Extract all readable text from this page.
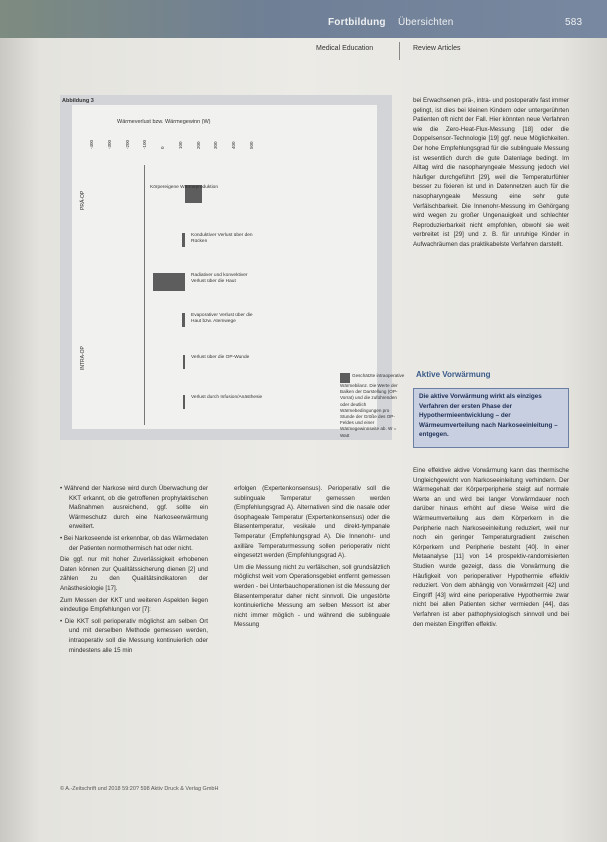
Fortbildung Übersichten	583
Medical Education	Review Articles
Abbildung 3
Wärmeverlust bzw. Wärmegewinn (W)
-400	-300	-200	-100	0	100	200	300	400	500
PRÄ-OP
INTRA-OP
Körpereigene Wärmeproduktion
Konduktiver Verlust über den Rücken
Radiativer und konvektiver Verlust über die Haut
Evaporativer Verlust über die Haut bzw. Atemwege
Verlust über die OP-Wunde
Verlust durch Infusion/Anästhesie
Geschätzte intraoperative Wärmebilanz. Die Werte der Balken der Darstellung (OP-Vorrat) und die zuführenden oder deutlich Wärmebedingungen pro Stunde der Größe des OP-Feldes und einer Wärmegewinnseite ab. W = Watt

• Während der Narkose wird durch Überwachung der KKT erkannt, ob die getroffenen prophylaktischen Maßnahmen ausreichend, ggf. sollte ein Wärmeschutz durch eine Narkoseerwärmung erweitert.

• Bei Narkoseende ist erkennbar, ob das Wärmedaten der Patienten normothermisch hat oder nicht.

Die ggf. nur mit hoher Zuverlässigkeit erhobenen Daten können zur Qualitätssicherung dienen [2] und zählen zu den Qualitätsindikatoren der Anästhesiologie [17].

Zum Messen der KKT und weiteren Aspekten liegen eindeutige Empfehlungen vor [7]:

• Die KKT soll perioperativ möglichst am selben Ort und mit derselben Methode gemessen werden, intraoperativ soll die Messung kontinuierlich oder mindestens alle 15 min

erfolgen (Expertenkonsensus). Perioperativ soll die sublinguale Temperatur gemessen werden (Empfehlungsgrad A). Alternativen sind die nasale oder ösophageale Temperatur (Expertenkonsensus) oder die Blasentemperatur, vesikale und direkt-tympanale Temperatur (Empfehlungsgrad A). Die Innenohr- und axilläre Temperaturmessung sollen perioperativ nicht eingesetzt werden (Empfehlungsgrad A).

Um die Messung nicht zu verfälschen, soll grundsätzlich möglichst weit vom Operationsgebiet entfernt gemessen werden - bei Unterbauchoperationen ist die Messung der Blasentemperatur daher nicht sinnvoll. Die ungestörte kontinuierliche Messung am selben Messort ist aber nicht immer möglich - und während die sublinguale Messung

bei Erwachsenen prä-, intra- und postoperativ fast immer gelingt, ist dies bei kleinen Kindern oder untergerührten Patienten oft nicht der Fall. Hier könnten neue Verfahren wie die Zero-Heat-Flux-Messung [18] oder die Doppelsensor-Technologie [19] ggf. neue Möglichkeiten. Der hohe Empfehlungsgrad für die sublinguale Messung ist wesentlich durch die gute Datenlage bedingt. Im Alltag wird die nasopharyngeale Messung jedoch viel häufiger durchgeführt [29], weil die Temperaturfühler besser zu fixieren ist und in Datennetzen auch für die nasopharyngeale Messung eine sehr gute Verfälschbarkeit. Die Innenohr-Messung im Gehörgang wird wegen zu großer Ungenauigkeit und schlechter Reproduzierbarkeit nicht empfohlen, obwohl sie weit verbreitet ist [29] und z. B. für unruhige Kinder in Aufwachräumen das praktikabelste Verfahren darstellt.

Aktive Vorwärmung
Die aktive Vorwärmung wirkt als einziges Verfahren der ersten Phase der Hypothermieentwicklung – der Wärmeumverteilung nach Narkoseeinleitung – entgegen.

Eine effektive aktive Vorwärmung kann das thermische Ungleichgewicht von Narkoseeinleitung verhindern. Der Wärmegehalt der Körperperipherie steigt auf normale Werte an und wird bei langer Vorwärmdauer noch darüber hinaus erhöht auf diese Weise wird die Wärmeumverteilung aus dem Körperkern in die Peripherie nach Narkoseeinleitung reduziert, weil nur noch ein geringer Temperaturgradient zwischen Körperkern und Peripherie besteht [40]. In einer Metaanalyse [11] von 14 prospektiv-randomisierten Studien wurde gezeigt, dass die Vorwärmung die Häufigkeit von perioperativer Hypothermie effektiv reduziert. Von dem abhängig von Vorwärmzeit [42] und Eingriff [43] wird eine perioperative Hypothermie zwar nicht bei allen Patienten sicher vermieden [44], das Verfahren ist aber pathophysiologisch sinnvoll und bei den meisten Eingriffen effektiv.

© A.-Zeitschrift und 2018 59:20? 598 Aktiv Druck & Verlag GmbH
